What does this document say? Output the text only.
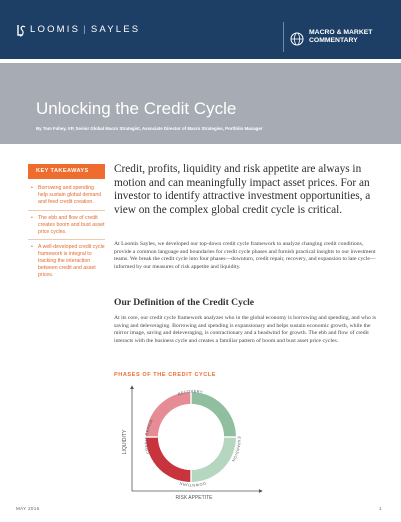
LOOMIS | SAYLES	MACRO & MARKET
COMMENTARY
Unlocking the Credit Cycle
By Tom Fahey, VP, Senior Global Macro Strategist, Associate Director of Macro Strategies, Portfolio Manager
KEY TAKEAWAYS
• Borrowing and spending help sustain global demand and feed credit creation.
• The ebb and flow of credit creates boom and bust asset price cycles.
• A well-developed credit cycle framework is integral to tracking the interaction between credit and asset prices.

Credit, profits, liquidity and risk appetite are always in motion and can meaningfully impact asset prices. For an investor to identify attractive investment opportunities, a view on the complex global credit cycle is critical.

At Loomis Sayles, we developed our top-down credit cycle framework to analyze changing credit conditions, provide a common language and boundaries for credit cycle phases and furnish practical insights to our investment teams. We break the credit cycle into four phases—downturn, credit repair, recovery, and expansion to late cycle—informed by our measures of risk appetite and liquidity.

Our Definition of the Credit Cycle

At its core, our credit cycle framework analyzes who in the global economy is borrowing and spending, and who is saving and deleveraging. Borrowing and spending is expansionary and helps sustain economic growth, while the mirror image, saving and deleveraging, is contractionary and a headwind for growth. The ebb and flow of credit interacts with the business cycle and creates a familiar pattern of boom and bust asset price cycles.

PHASES OF THE CREDIT CYCLE
LIQUIDITY
RISK APPETITE
RECOVERY
EXPANSION
DOWNTURN
CREDIT REPAIR
MAY 2016	1
